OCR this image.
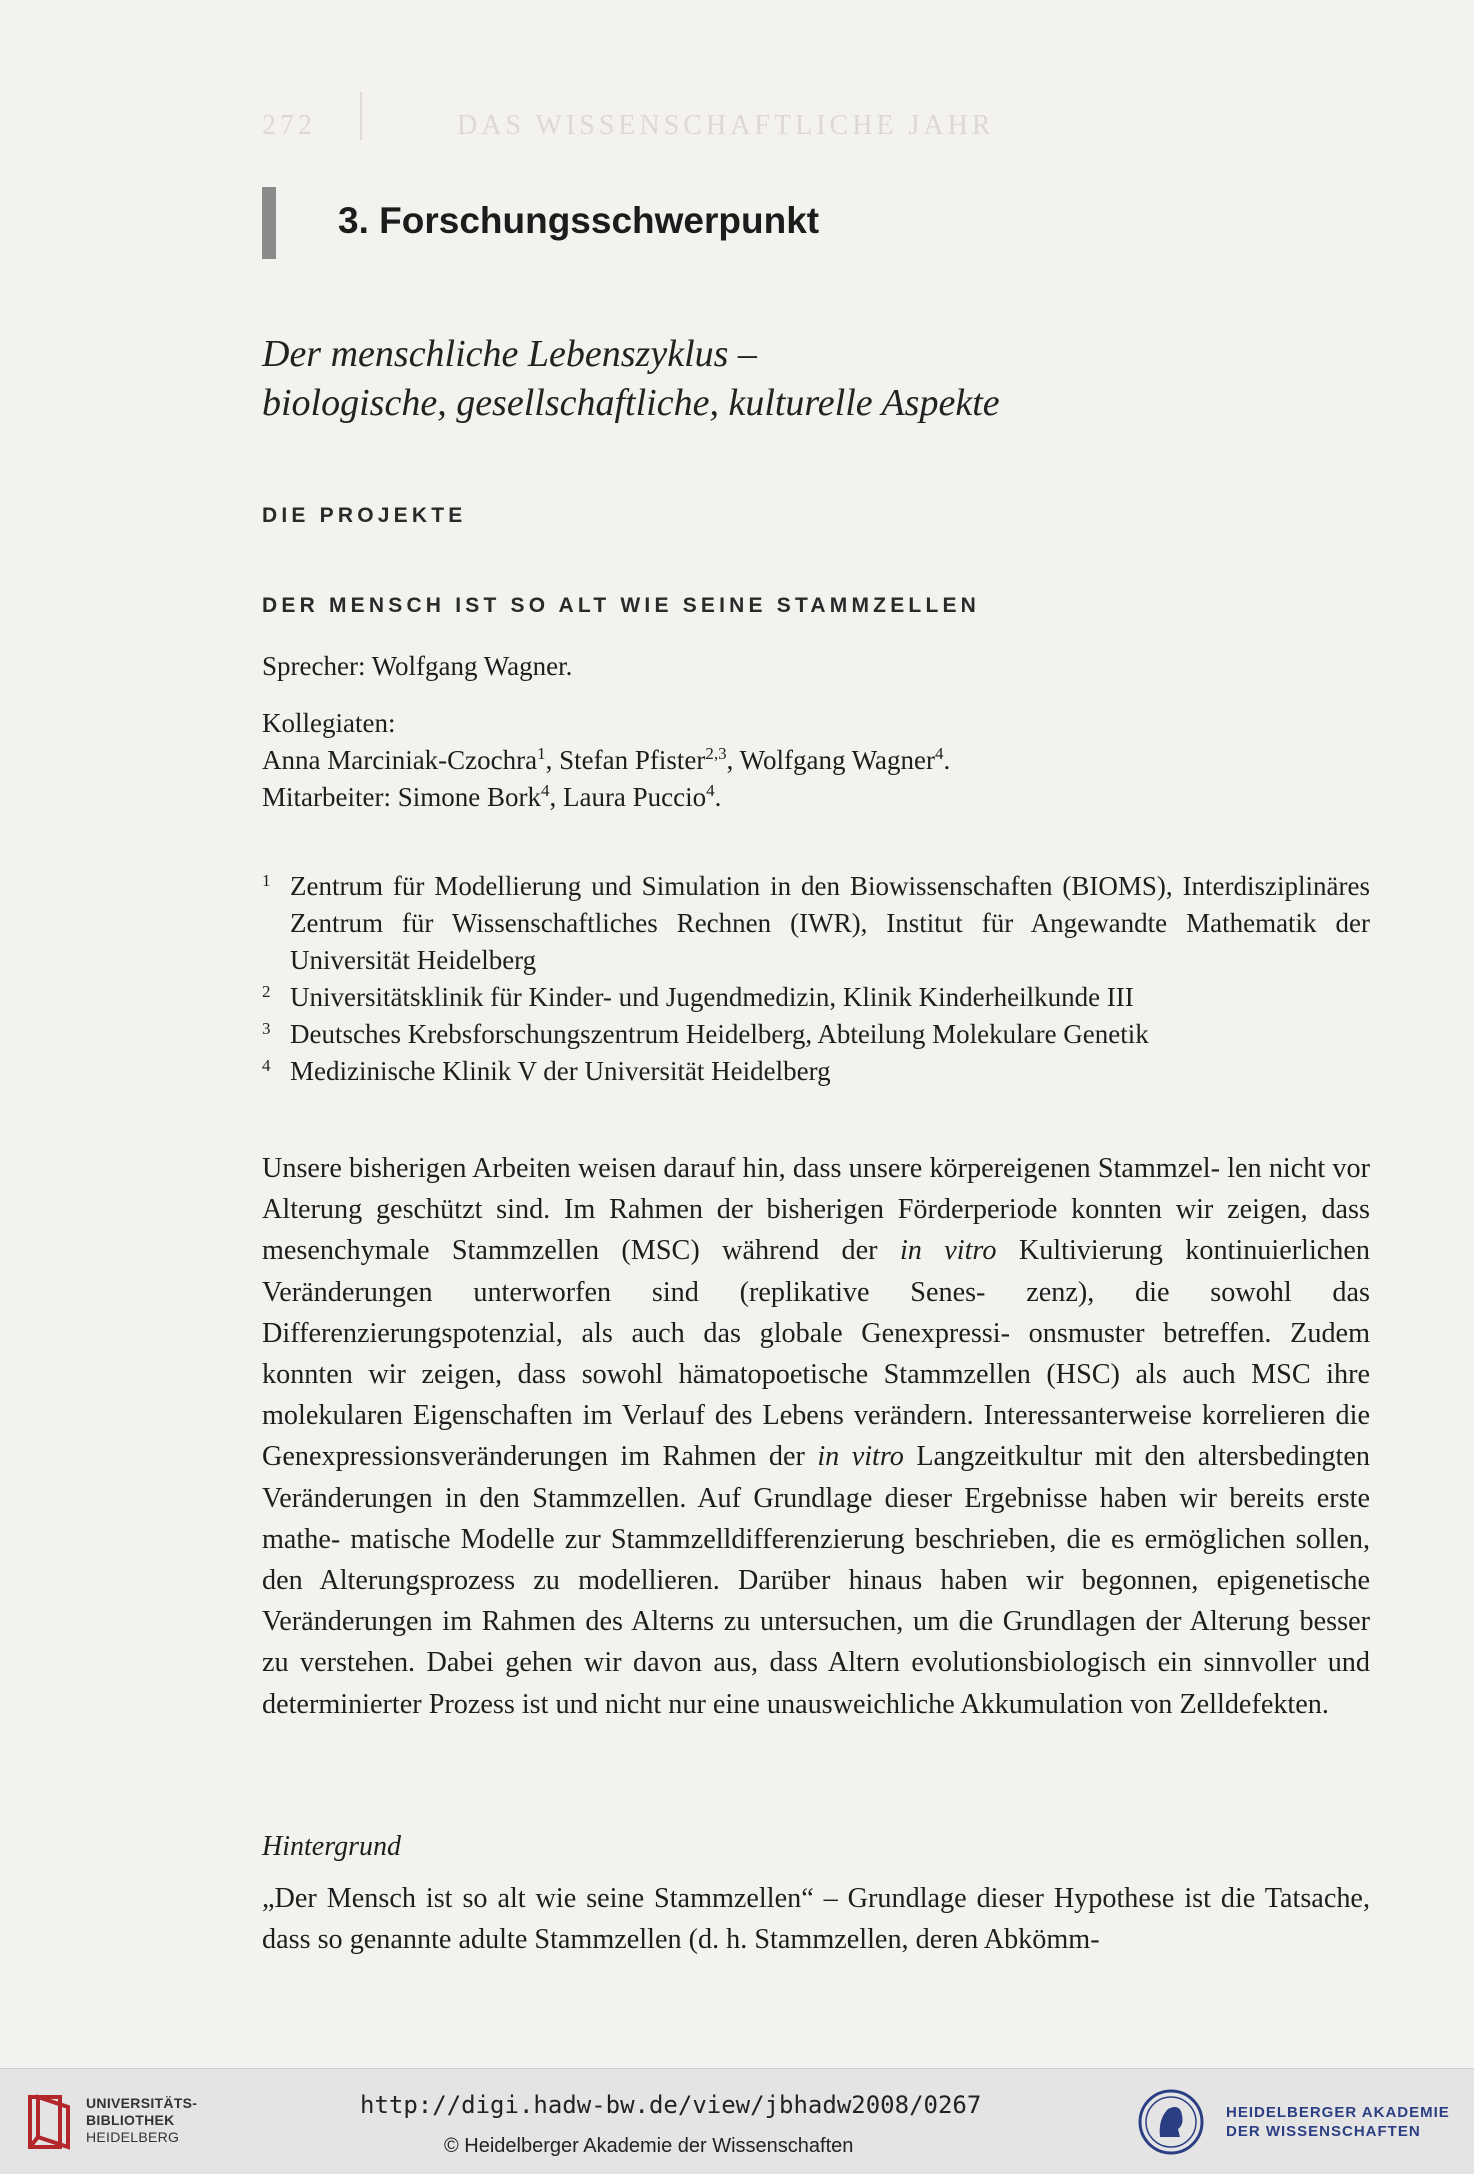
272	DAS WISSENSCHAFTLICHE JAHR
3. Forschungsschwerpunkt
Der menschliche Lebenszyklus –
biologische, gesellschaftliche, kulturelle Aspekte
DIE PROJEKTE
DER MENSCH IST SO ALT WIE SEINE STAMMZELLEN
Sprecher: Wolfgang Wagner.
Kollegiaten:
Anna Marciniak-Czochra$^1$, Stefan Pfister$^{2,3}$, Wolfgang Wagner$^4$.
Mitarbeiter: Simone Bork$^4$, Laura Puccio$^4$.
1 Zentrum für Modellierung und Simulation in den Biowissenschaften (BIOMS), Interdisziplinäres Zentrum für Wissenschaftliches Rechnen (IWR), Institut für Angewandte Mathematik der Universität Heidelberg
2 Universitätsklinik für Kinder- und Jugendmedizin, Klinik Kinderheilkunde III
3 Deutsches Krebsforschungszentrum Heidelberg, Abteilung Molekulare Genetik
4 Medizinische Klinik V der Universität Heidelberg
Unsere bisherigen Arbeiten weisen darauf hin, dass unsere körpereigenen Stammzel- len nicht vor Alterung geschützt sind. Im Rahmen der bisherigen Förderperiode konnten wir zeigen, dass mesenchymale Stammzellen (MSC) während der in vitro Kultivierung kontinuierlichen Veränderungen unterworfen sind (replikative Senes- zenz), die sowohl das Differenzierungspotenzial, als auch das globale Genexpressi- onsmuster betreffen. Zudem konnten wir zeigen, dass sowohl hämatopoetische Stammzellen (HSC) als auch MSC ihre molekularen Eigenschaften im Verlauf des Lebens verändern. Interessanterweise korrelieren die Genexpressionsveränderungen im Rahmen der in vitro Langzeitkultur mit den altersbedingten Veränderungen in den Stammzellen. Auf Grundlage dieser Ergebnisse haben wir bereits erste mathe- matische Modelle zur Stammzelldifferenzierung beschrieben, die es ermöglichen sollen, den Alterungsprozess zu modellieren. Darüber hinaus haben wir begonnen, epigenetische Veränderungen im Rahmen des Alterns zu untersuchen, um die Grundlagen der Alterung besser zu verstehen. Dabei gehen wir davon aus, dass Altern evolutionsbiologisch ein sinnvoller und determinierter Prozess ist und nicht nur eine unausweichliche Akkumulation von Zelldefekten.
Hintergrund
„Der Mensch ist so alt wie seine Stammzellen“ – Grundlage dieser Hypothese ist die Tatsache, dass so genannte adulte Stammzellen (d. h. Stammzellen, deren Abkömm-
UNIVERSITÄTS-
BIBLIOTHEK
HEIDELBERG
http://digi.hadw-bw.de/view/jbhadw2008/0267
© Heidelberger Akademie der Wissenschaften
HEIDELBERGER AKADEMIE
DER WISSENSCHAFTEN
